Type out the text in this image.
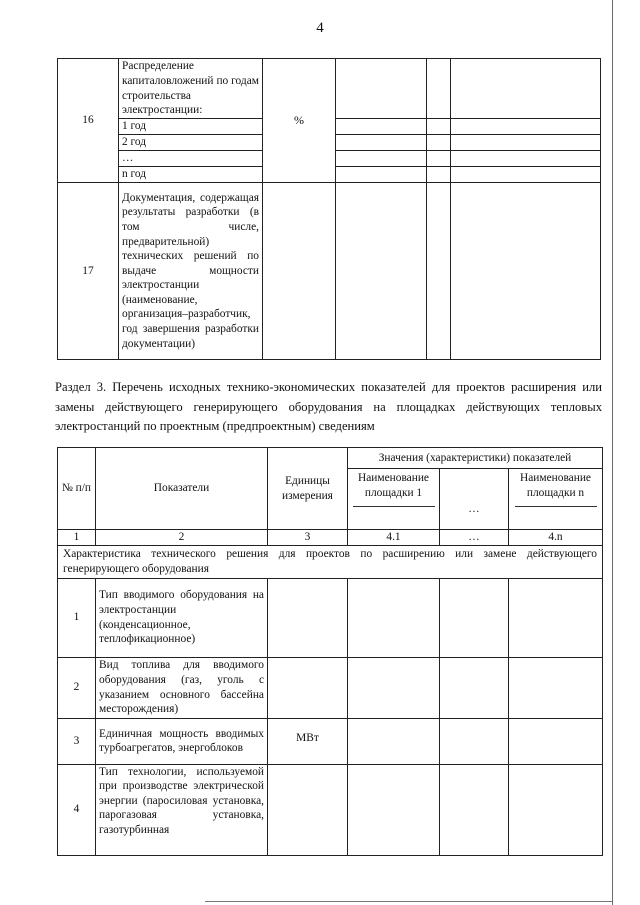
4
16	Распределение капиталовложений по годам строительства электростанции:	%			
	1 год				
	2 год				
	…				
	n год				
17	Документация, содержащая результаты разработки (в том числе, предварительной) технических решений по выдаче мощности электростанции (наименование, организация–разработчик, год завершения разработки документации)				
Раздел 3. Перечень исходных технико-экономических показателей для проектов расширения или замены действующего генерирующего оборудования на площадках действующих тепловых электростанций по проектным (предпроектным) сведениям
№ п/п	Показатели	Единицы измерения	Значения (характеристики) показателей		
			Наименование площадки 1	…	Наименование площадки n

1	2	3	4.1	…	4.n
Характеристика технического решения для проектов по расширению или замене действующего генерирующего оборудования					
1	Тип вводимого оборудования на электростанции (конденсационное, теплофикационное)				
2	Вид топлива для вводимого оборудования (газ, уголь с указанием основного бассейна месторождения)				
3	Единичная мощность вводимых турбоагрегатов, энергоблоков	МВт			
4	Тип технологии, используемой при производстве электрической энергии (паросиловая установка, парогазовая установка, газотурбинная				
